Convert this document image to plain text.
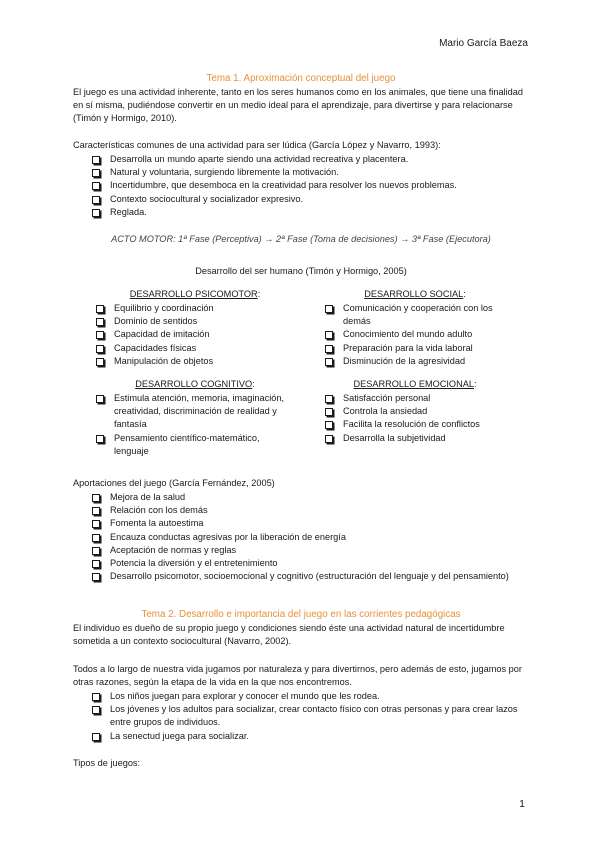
Mario García Baeza
Tema 1. Aproximación conceptual del juego

El juego es una actividad inherente, tanto en los seres humanos como en los animales, que tiene una finalidad en sí misma, pudiéndose convertir en un medio ideal para el aprendizaje, para divertirse y para relacionarse (Timón y Hormigo, 2010).

Características comunes de una actividad para ser lúdica (García López y Navarro, 1993):

Desarrolla un mundo aparte siendo una actividad recreativa y placentera.
Natural y voluntaria, surgiendo libremente la motivación.
Incertidumbre, que desemboca en la creatividad para resolver los nuevos problemas.
Contexto sociocultural y socializador expresivo.
Reglada.
ACTO MOTOR: 1ª Fase (Perceptiva) → 2ª Fase (Toma de decisiones) → 3ª Fase (Ejecutora)
Desarrollo del ser humano (Timón y Hormigo, 2005)
DESARROLLO PSICOMOTOR:
Equilibrio y coordinación
Dominio de sentidos
Capacidad de imitación
Capacidades físicas
Manipulación de objetos
DESARROLLO SOCIAL:
Comunicación y cooperación con los demás
Conocimiento del mundo adulto
Preparación para la vida laboral
Disminución de la agresividad
DESARROLLO COGNITIVO:
Estimula atención, memoria, imaginación, creatividad, discriminación de realidad y fantasía
Pensamiento científico-matemático, lenguaje
DESARROLLO EMOCIONAL:
Satisfacción personal
Controla la ansiedad
Facilita la resolución de conflictos
Desarrolla la subjetividad

Aportaciones del juego (García Fernández, 2005)

Mejora de la salud
Relación con los demás
Fomenta la autoestima
Encauza conductas agresivas por la liberación de energía
Aceptación de normas y reglas
Potencia la diversión y el entretenimiento
Desarrollo psicomotor, socioemocional y cognitivo (estructuración del lenguaje y del pensamiento)
Tema 2. Desarrollo e importancia del juego en las corrientes pedagógicas

El individuo es dueño de su propio juego y condiciones siendo éste una actividad natural de incertidumbre sometida a un contexto sociocultural (Navarro, 2002).

Todos a lo largo de nuestra vida jugamos por naturaleza y para divertirnos, pero además de esto, jugamos por otras razones, según la etapa de la vida en la que nos encontremos.

Los niños juegan para explorar y conocer el mundo que les rodea.
Los jóvenes y los adultos para socializar, crear contacto físico con otras personas y para crear lazos entre grupos de individuos.
La senectud juega para socializar.

Tipos de juegos:

1
